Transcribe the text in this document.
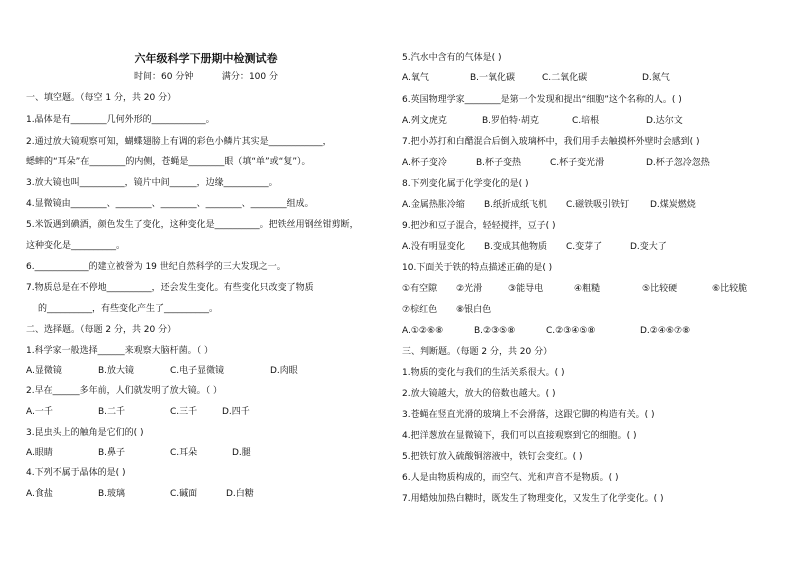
六年级科学下册期中检测试卷
时间：60 分钟          满分：100 分
一、填空题。（每空 1 分，共 20 分）
1.晶体是有________几何外形的____________。
2.通过放大镜观察可知，蝴蝶翅膀上有调的彩色小鳞片其实是____________，
蟋蟀的“耳朵”在________的内侧，苍蝇是________眼（填“单”或“复”）。
3.放大镜也叫__________，镜片中间______，边缘__________。
4.显微镜由________、________、________、________、________组成。
5.米饭遇到碘酒，颜色发生了变化，这种变化是__________。把铁丝用钢丝钳剪断，
这种变化是__________。
6.____________的建立被誉为 19 世纪自然科学的三大发现之一。
7.物质总是在不停地__________，还会发生变化。有些变化只改变了物质
的__________，有些变化产生了__________。
二、选择题。（每题 2 分，共 20 分）
1.科学家一般选择______来观察大脑杆菌。（ ）
A.显微镜	B.放大镜	C.电子显微镜	D.肉眼
2.早在______多年前，人们就发明了放大镜。（ ）
A.一千	B.二千	C.三千	D.四千
3.昆虫头上的触角是它们的( )
A.眼睛	B.鼻子	C.耳朵	D.腿
4.下列不属于晶体的是( )
A.食盐	B.玻璃	C.碱面	D.白糖
5.汽水中含有的气体是( )
A.氧气	B.一氧化碳	C.二氧化碳	D.氮气
6.英国物理学家________是第一个发现和提出“细胞”这个名称的人。( )
A.列文虎克	B.罗伯特·胡克	C.培根	D.达尔文
7.把小苏打和白醋混合后倒入玻璃杯中，我们用手去触摸杯外壁时会感到( )
A.杯子变冷	B.杯子变热	C.杯子变光滑	D.杯子忽冷忽热
8.下列变化属于化学变化的是( )
A.金属热胀冷缩 B.纸折成纸飞机 C.磁铁吸引铁钉 D.煤炭燃烧
9.把沙和豆子混合，轻轻搅拌，豆子( )
A.没有明显变化 B.变成其他物质 C.变芽了	D.变大了
10.下面关于铁的特点描述正确的是( )
①有空隙 ②光滑	③能导电	④粗糙	⑤比较硬	⑥比较脆
⑦棕红色 ⑧银白色
A.①②⑥⑧	B.②③⑤⑧	C.②③④⑤⑧	D.②④⑥⑦⑧
三、判断题。（每题 2 分，共 20 分）
1.物质的变化与我们的生活关系很大。( )
2.放大镜越大，放大的倍数也越大。( )
3.苍蝇在竖直光滑的玻璃上不会滑落，这跟它脚的构造有关。( )
4.把洋葱放在显微镜下，我们可以直接观察到它的细胞。( )
5.把铁钉放入硫酸铜溶液中，铁钉会变红。( )
6.人是由物质构成的，而空气、光和声音不是物质。( )
7.用蜡烛加热白糖时，既发生了物理变化，又发生了化学变化。( )
